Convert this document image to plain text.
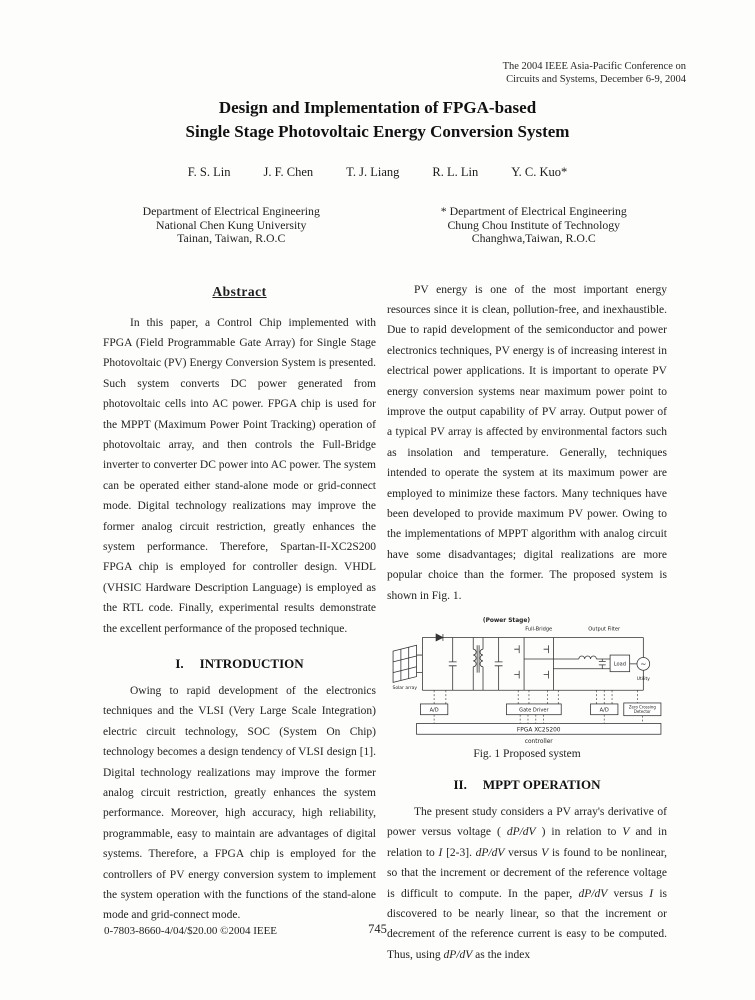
The 2004 IEEE Asia-Pacific Conference on
Circuits and Systems, December 6-9, 2004
Design and Implementation of FPGA-based
Single Stage Photovoltaic Energy Conversion System
F. S. Lin	J. F. Chen	T. J. Liang	R. L. Lin	Y. C. Kuo*
Department of Electrical Engineering
National Chen Kung University
Tainan, Taiwan, R.O.C
* Department of Electrical Engineering
Chung Chou Institute of Technology
Changhwa,Taiwan, R.O.C
Abstract

In this paper, a Control Chip implemented with FPGA (Field Programmable Gate Array) for Single Stage Photovoltaic (PV) Energy Conversion System is presented. Such system converts DC power generated from photovoltaic cells into AC power. FPGA chip is used for the MPPT (Maximum Power Point Tracking) operation of photovoltaic array, and then controls the Full-Bridge inverter to converter DC power into AC power. The system can be operated either stand-alone mode or grid-connect mode. Digital technology realizations may improve the former analog circuit restriction, greatly enhances the system performance. Therefore, Spartan-II-XC2S200 FPGA chip is employed for controller design. VHDL (VHSIC Hardware Description Language) is employed as the RTL code. Finally, experimental results demonstrate the excellent performance of the proposed technique.

I. INTRODUCTION

Owing to rapid development of the electronics techniques and the VLSI (Very Large Scale Integration) electric circuit technology, SOC (System On Chip) technology becomes a design tendency of VLSI design [1]. Digital technology realizations may improve the former analog circuit restriction, greatly enhances the system performance. Moreover, high accuracy, high reliability, programmable, easy to maintain are advantages of digital systems. Therefore, a FPGA chip is employed for the controllers of PV energy conversion system to implement the system operation with the functions of the stand-alone mode and grid-connect mode.

PV energy is one of the most important energy resources since it is clean, pollution-free, and inexhaustible. Due to rapid development of the semiconductor and power electronics techniques, PV energy is of increasing interest in electrical power applications. It is important to operate PV energy conversion systems near maximum power point to improve the output capability of PV array. Output power of a typical PV array is affected by environmental factors such as insolation and temperature. Generally, techniques intended to operate the system at its maximum power are employed to minimize these factors. Many techniques have been developed to provide maximum PV power. Owing to the implementations of MPPT algorithm with analog circuit have some disadvantages; digital realizations are more popular choice than the former. The proposed system is shown in Fig. 1.

(Power Stage)
Full-Bridge	Output Filter
Load ~
Utility
Solar array
A/D	Gate Driver	A/D
Zero Crossing
Detector
FPGA XC2S200
controller
Fig. 1 Proposed system
II. MPPT OPERATION

The present study considers a PV array's derivative of power versus voltage ( dP/dV ) in relation to V and in relation to I [2-3]. dP/dV versus V is found to be nonlinear, so that the increment or decrement of the reference voltage is difficult to compute. In the paper, dP/dV versus I is discovered to be nearly linear, so that the increment or decrement of the reference current is easy to be computed. Thus, using dP/dV as the index

745
0-7803-8660-4/04/$20.00 ©2004 IEEE
